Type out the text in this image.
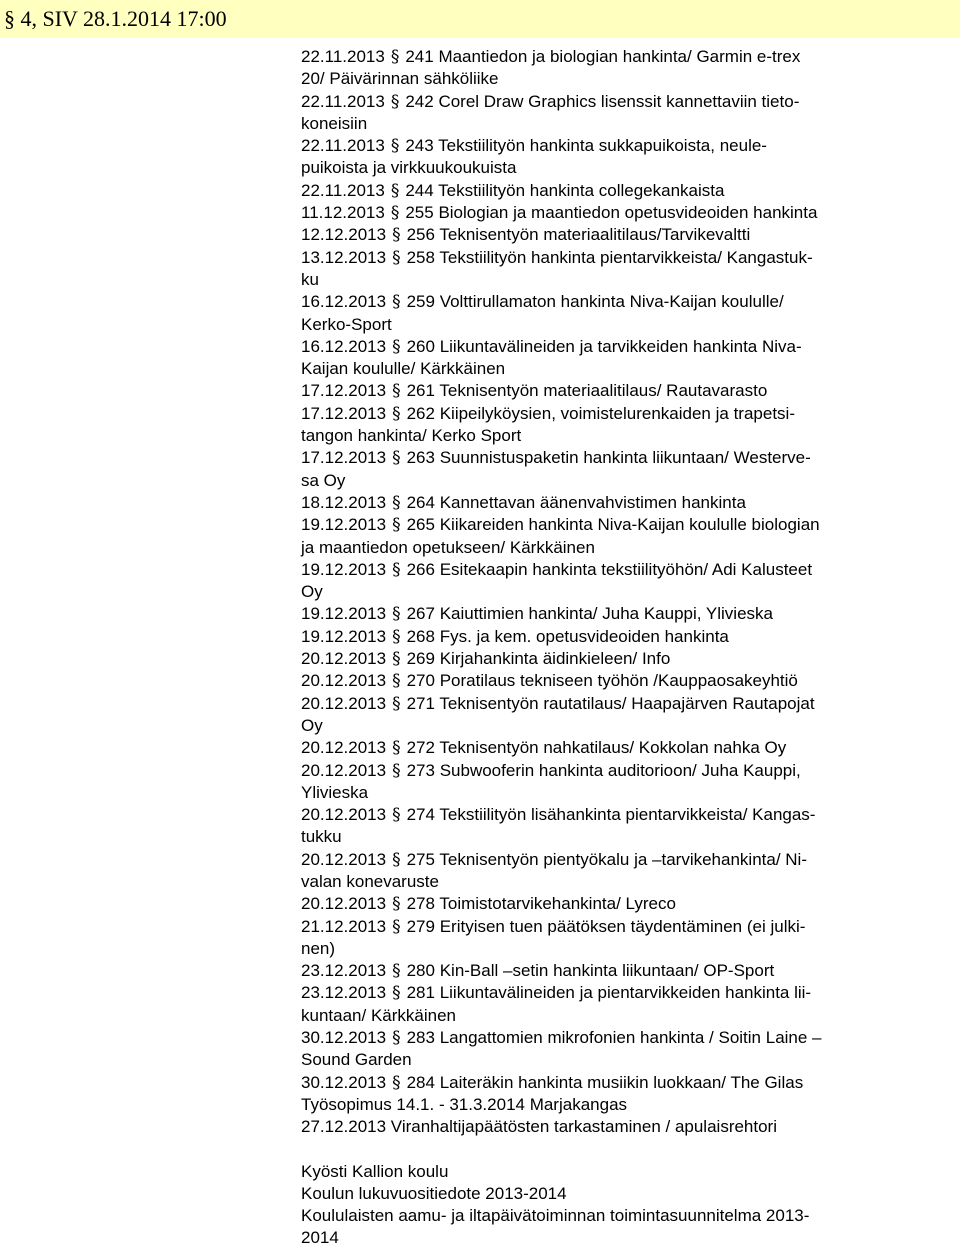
§ 4, SIV 28.1.2014 17:00
22.11.2013 § 241 Maantiedon ja biologian hankinta/ Garmin e-trex
20/ Päivärinnan sähköliike
22.11.2013 § 242 Corel Draw Graphics lisenssit kannettaviin tieto-
koneisiin
22.11.2013 § 243 Tekstiilityön hankinta sukkapuikoista, neule-
puikoista ja virkkuukoukuista
22.11.2013 § 244 Tekstiilityön hankinta collegekankaista
11.12.2013 § 255 Biologian ja maantiedon opetusvideoiden hankinta
12.12.2013 § 256 Teknisentyön materiaalitilaus/Tarvikevaltti
13.12.2013 § 258 Tekstiilityön hankinta pientarvikkeista/ Kangastuk-
ku
16.12.2013 § 259 Volttirullamaton hankinta Niva-Kaijan koululle/
Kerko-Sport
16.12.2013 § 260 Liikuntavälineiden ja tarvikkeiden hankinta Niva-
Kaijan koululle/ Kärkkäinen
17.12.2013 § 261 Teknisentyön materiaalitilaus/ Rautavarasto
17.12.2013 § 262 Kiipeilyköysien, voimistelurenkaiden ja trapetsi-
tangon hankinta/ Kerko Sport
17.12.2013 § 263 Suunnistuspaketin hankinta liikuntaan/ Westerve-
sa Oy
18.12.2013 § 264 Kannettavan äänenvahvistimen hankinta
19.12.2013 § 265 Kiikareiden hankinta Niva-Kaijan koululle biologian
ja maantiedon opetukseen/ Kärkkäinen
19.12.2013 § 266 Esitekaapin hankinta tekstiilityöhön/ Adi Kalusteet
Oy
19.12.2013 § 267 Kaiuttimien hankinta/ Juha Kauppi, Ylivieska
19.12.2013 § 268 Fys. ja kem. opetusvideoiden hankinta
20.12.2013 § 269 Kirjahankinta äidinkieleen/ Info
20.12.2013 § 270 Poratilaus tekniseen työhön /Kauppaosakeyhtiö
20.12.2013 § 271 Teknisentyön rautatilaus/ Haapajärven Rautapojat
Oy
20.12.2013 § 272 Teknisentyön nahkatilaus/ Kokkolan nahka Oy
20.12.2013 § 273 Subwooferin hankinta auditorioon/ Juha Kauppi,
Ylivieska
20.12.2013 § 274 Tekstiilityön lisähankinta pientarvikkeista/ Kangas-
tukku
20.12.2013 § 275 Teknisentyön pientyökalu ja –tarvikehankinta/ Ni-
valan konevaruste
20.12.2013 § 278 Toimistotarvikehankinta/ Lyreco
21.12.2013 § 279 Erityisen tuen päätöksen täydentäminen (ei julki-
nen)
23.12.2013 § 280 Kin-Ball –setin hankinta liikuntaan/ OP-Sport
23.12.2013 § 281 Liikuntavälineiden ja pientarvikkeiden hankinta lii-
kuntaan/ Kärkkäinen
30.12.2013 § 283 Langattomien mikrofonien hankinta / Soitin Laine –
Sound Garden
30.12.2013 § 284 Laiteräkin hankinta musiikin luokkaan/ The Gilas
Työsopimus 14.1. - 31.3.2014 Marjakangas
27.12.2013 Viranhaltijapäätösten tarkastaminen / apulaisrehtori
Kyösti Kallion koulu
Koulun lukuvuositiedote 2013-2014
Koululaisten aamu- ja iltapäivätoiminnan toimintasuunnitelma 2013-
2014
